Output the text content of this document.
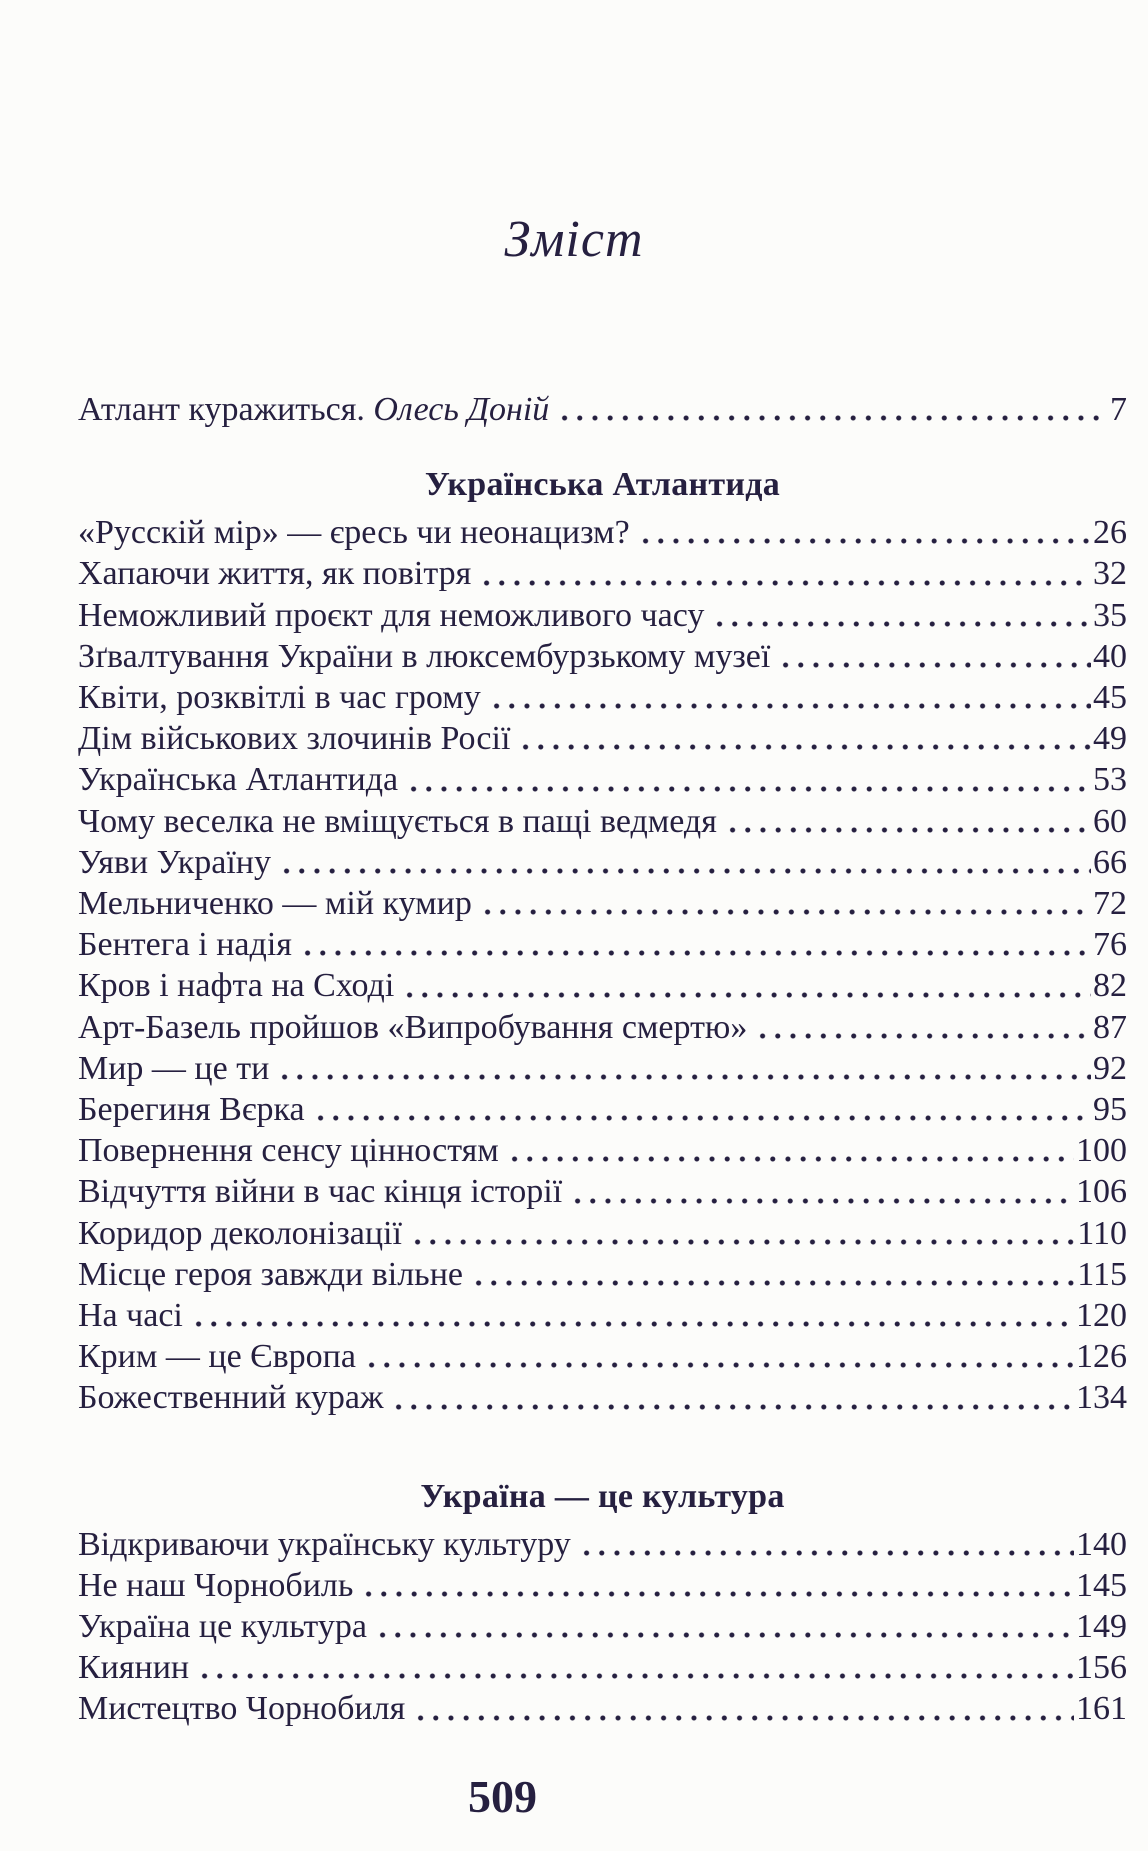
Зміст
Атлант куражиться. Олесь Доній	7
Українська Атлантида
«Русскій мір» — єресь чи неонацизм?	26
Хапаючи життя, як повітря	32
Неможливий проєкт для неможливого часу	35
Зґвалтування України в люксембурзькому музеї	40
Квіти, розквітлі в час грому	45
Дім військових злочинів Росії	49
Українська Атлантида	53
Чому веселка не вміщується в пащі ведмедя	60
Уяви Україну	66
Мельниченко — мій кумир	72
Бентега і надія	76
Кров і нафта на Сході	82
Арт-Базель пройшов «Випробування смертю»	87
Мир — це ти	92
Берегиня Вєрка	95
Повернення сенсу цінностям	100
Відчуття війни в час кінця історії	106
Коридор деколонізації	110
Місце героя завжди вільне	115
На часі	120
Крим — це Європа	126
Божественний кураж	134
Україна — це культура
Відкриваючи українську культуру	140
Не наш Чорнобиль	145
Україна це культура	149
Киянин	156
Мистецтво Чорнобиля	161
509
